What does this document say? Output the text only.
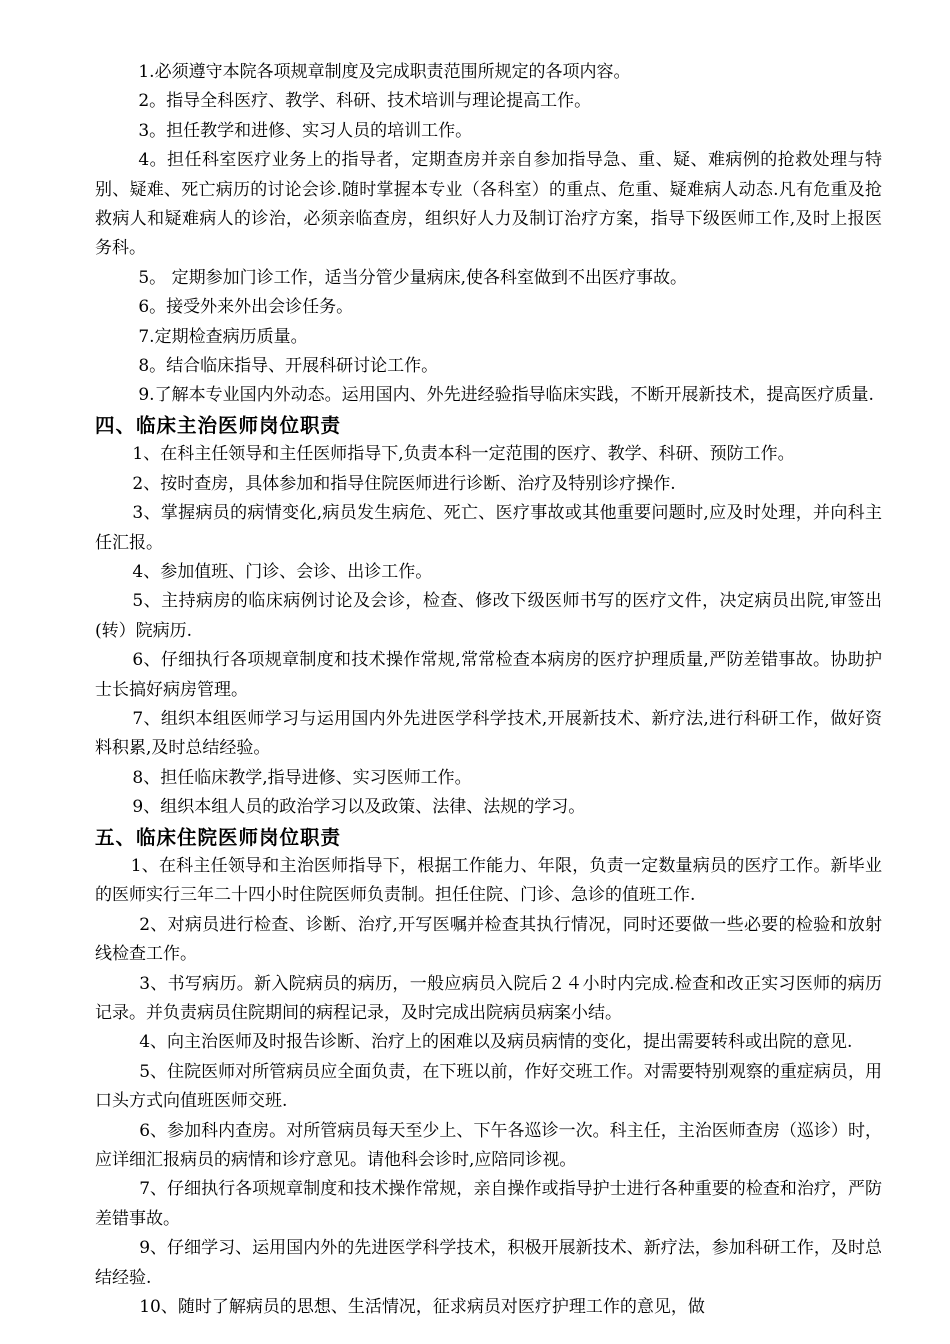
1.必须遵守本院各项规章制度及完成职责范围所规定的各项内容。

2。指导全科医疗、教学、科研、技术培训与理论提高工作。

3。担任教学和进修、实习人员的培训工作。

4。担任科室医疗业务上的指导者，定期查房并亲自参加指导急、重、疑、难病例的抢救处理与特别、疑难、死亡病历的讨论会诊.随时掌握本专业（各科室）的重点、危重、疑难病人动态.凡有危重及抢救病人和疑难病人的诊治，必须亲临查房，组织好人力及制订治疗方案，指导下级医师工作,及时上报医务科。

5。 定期参加门诊工作，适当分管少量病床,使各科室做到不出医疗事故。

6。接受外来外出会诊任务。

7.定期检查病历质量。

8。结合临床指导、开展科研讨论工作。

9.了解本专业国内外动态。运用国内、外先进经验指导临床实践，不断开展新技术，提高医疗质量.

四、临床主治医师岗位职责

1、在科主任领导和主任医师指导下,负责本科一定范围的医疗、教学、科研、预防工作。

2、按时查房，具体参加和指导住院医师进行诊断、治疗及特别诊疗操作.

3、掌握病员的病情变化,病员发生病危、死亡、医疗事故或其他重要问题时,应及时处理，并向科主任汇报。

4、参加值班、门诊、会诊、出诊工作。

5、主持病房的临床病例讨论及会诊，检查、修改下级医师书写的医疗文件，决定病员出院,审签出(转）院病历.

6、仔细执行各项规章制度和技术操作常规,常常检查本病房的医疗护理质量,严防差错事故。协助护士长搞好病房管理。

7、组织本组医师学习与运用国内外先进医学科学技术,开展新技术、新疗法,进行科研工作，做好资料积累,及时总结经验。

8、担任临床教学,指导进修、实习医师工作。

9、组织本组人员的政治学习以及政策、法律、法规的学习。

五、临床住院医师岗位职责

1、在科主任领导和主治医师指导下，根据工作能力、年限，负责一定数量病员的医疗工作。新毕业的医师实行三年二十四小时住院医师负责制。担任住院、门诊、急诊的值班工作.

2、对病员进行检查、诊断、治疗,开写医嘱并检查其执行情况，同时还要做一些必要的检验和放射线检查工作。

3、书写病历。新入院病员的病历，一般应病员入院后２４小时内完成.检查和改正实习医师的病历记录。并负责病员住院期间的病程记录，及时完成出院病员病案小结。

4、向主治医师及时报告诊断、治疗上的困难以及病员病情的变化，提出需要转科或出院的意见.

5、住院医师对所管病员应全面负责，在下班以前，作好交班工作。对需要特别观察的重症病员，用口头方式向值班医师交班.

6、参加科内查房。对所管病员每天至少上、下午各巡诊一次。科主任，主治医师查房（巡诊）时，应详细汇报病员的病情和诊疗意见。请他科会诊时,应陪同诊视。

7、仔细执行各项规章制度和技术操作常规，亲自操作或指导护士进行各种重要的检查和治疗，严防差错事故。

9、仔细学习、运用国内外的先进医学科学技术，积极开展新技术、新疗法，参加科研工作，及时总结经验.

10、随时了解病员的思想、生活情况，征求病员对医疗护理工作的意见，做
